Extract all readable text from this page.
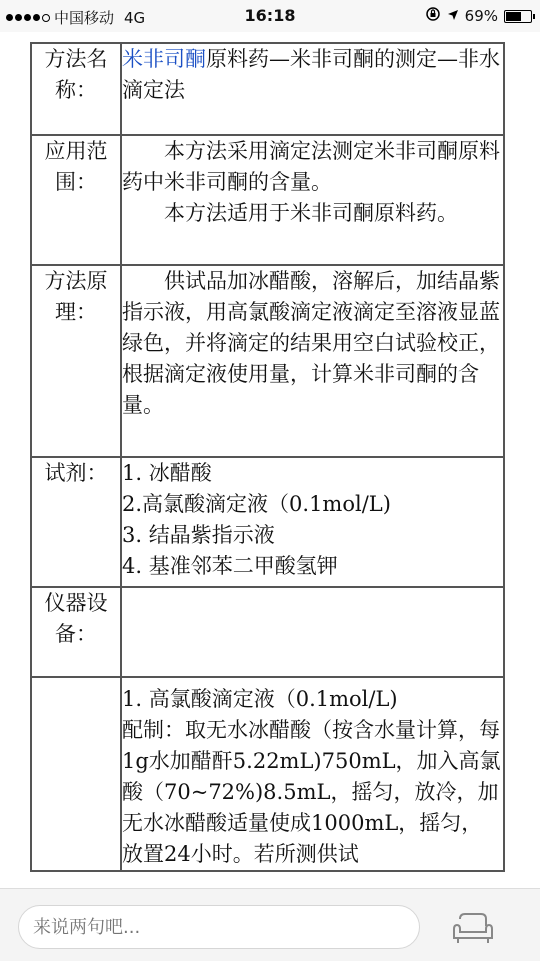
中国移动 4G	16:18	69%
方法名称：	米非司酮原料药—米非司酮的测定—非水滴定法
应用范围：	本方法采用滴定法测定米非司酮原料药中米非司酮的含量。
本方法适用于米非司酮原料药。

方法原理：	供试品加冰醋酸，溶解后，加结晶紫指示液，用高氯酸滴定液滴定至溶液显蓝绿色，并将滴定的结果用空白试验校正，根据滴定液使用量，计算米非司酮的含量。

试剂：	1. 冰醋酸
2.高氯酸滴定液（0.1mol/L)
3. 结晶紫指示液
4. 基准邻苯二甲酸氢钾

仪器设备：	

	1. 高氯酸滴定液（0.1mol/L)
配制：取无水冰醋酸（按含水量计算，每1g水加醋酐5.22mL)750mL，加入高氯酸（70~72%)8.5mL，摇匀，放冷，加无水冰醋酸适量使成1000mL，摇匀，放置24小时。若所测供试
来说两句吧...
